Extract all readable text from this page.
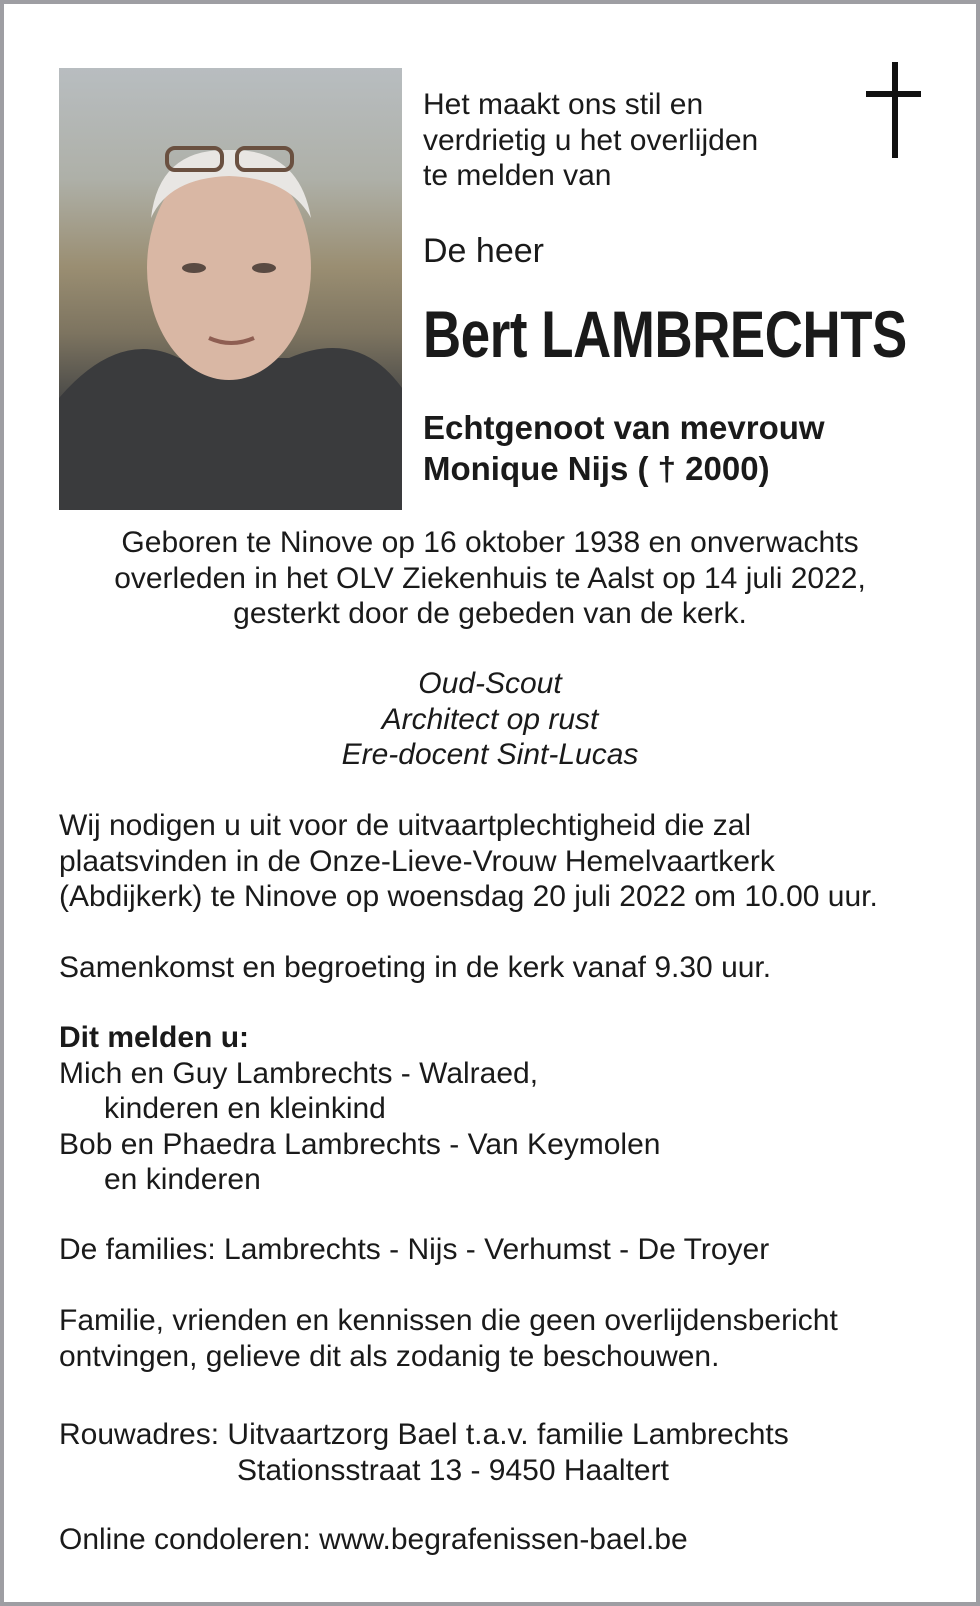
Het maakt ons stil en
verdrietig u het overlijden
te melden van
De heer
Bert LAMBRECHTS
Echtgenoot van mevrouw
Monique Nijs ( † 2000)
Geboren te Ninove op 16 oktober 1938 en onverwachts
overleden in het OLV Ziekenhuis te Aalst op 14 juli 2022,
gesterkt door de gebeden van de kerk.
Oud-Scout
Architect op rust
Ere-docent Sint-Lucas
Wij nodigen u uit voor de uitvaartplechtigheid die zal
plaatsvinden in de Onze-Lieve-Vrouw Hemelvaartkerk
(Abdijkerk) te Ninove op woensdag 20 juli 2022 om 10.00 uur.
Samenkomst en begroeting in de kerk vanaf 9.30 uur.
Dit melden u:
Mich en Guy Lambrechts - Walraed,
kinderen en kleinkind
Bob en Phaedra Lambrechts - Van Keymolen
en kinderen
De families: Lambrechts - Nijs - Verhumst - De Troyer
Familie, vrienden en kennissen die geen overlijdensbericht
ontvingen, gelieve dit als zodanig te beschouwen.
Rouwadres: Uitvaartzorg Bael t.a.v. familie Lambrechts
Stationsstraat 13 - 9450 Haaltert
Online condoleren: www.begrafenissen-bael.be
